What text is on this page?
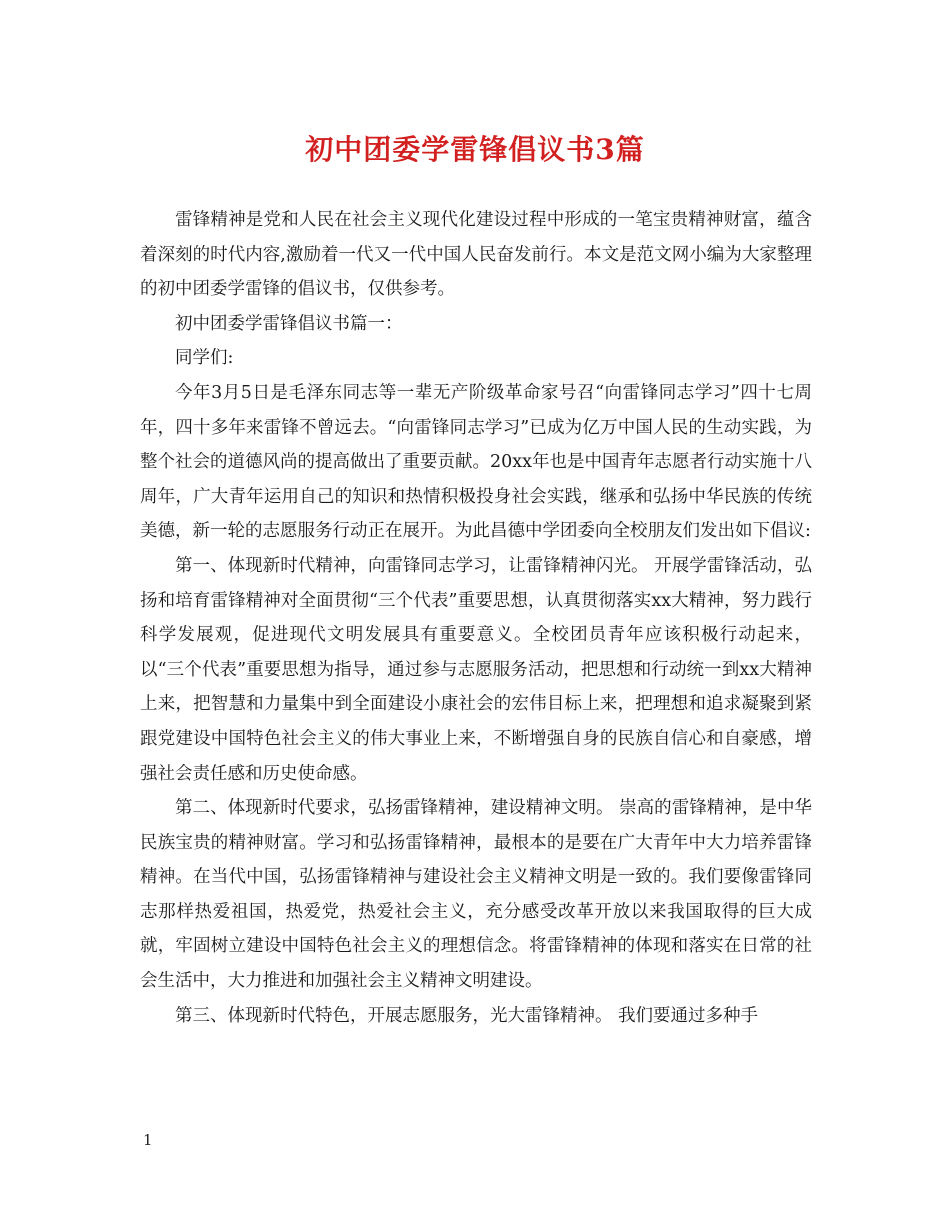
初中团委学雷锋倡议书3篇

雷锋精神是党和人民在社会主义现代化建设过程中形成的一笔宝贵精神财富，蕴含着深刻的时代内容,激励着一代又一代中国人民奋发前行。本文是范文网小编为大家整理的初中团委学雷锋的倡议书，仅供参考。

初中团委学雷锋倡议书篇一：

同学们:

今年3月5日是毛泽东同志等一辈无产阶级革命家号召“向雷锋同志学习”四十七周年，四十多年来雷锋不曾远去。“向雷锋同志学习”已成为亿万中国人民的生动实践，为整个社会的道德风尚的提高做出了重要贡献。20xx年也是中国青年志愿者行动实施十八周年，广大青年运用自己的知识和热情积极投身社会实践，继承和弘扬中华民族的传统美德，新一轮的志愿服务行动正在展开。为此昌德中学团委向全校朋友们发出如下倡议:

第一、体现新时代精神，向雷锋同志学习，让雷锋精神闪光。 开展学雷锋活动，弘扬和培育雷锋精神对全面贯彻“三个代表”重要思想，认真贯彻落实xx大精神，努力践行科学发展观，促进现代文明发展具有重要意义。全校团员青年应该积极行动起来，以“三个代表”重要思想为指导，通过参与志愿服务活动，把思想和行动统一到xx大精神上来，把智慧和力量集中到全面建设小康社会的宏伟目标上来，把理想和追求凝聚到紧跟党建设中国特色社会主义的伟大事业上来，不断增强自身的民族自信心和自豪感，增强社会责任感和历史使命感。

第二、体现新时代要求，弘扬雷锋精神，建设精神文明。 崇高的雷锋精神，是中华民族宝贵的精神财富。学习和弘扬雷锋精神，最根本的是要在广大青年中大力培养雷锋精神。在当代中国，弘扬雷锋精神与建设社会主义精神文明是一致的。我们要像雷锋同志那样热爱祖国，热爱党，热爱社会主义，充分感受改革开放以来我国取得的巨大成就，牢固树立建设中国特色社会主义的理想信念。将雷锋精神的体现和落实在日常的社会生活中，大力推进和加强社会主义精神文明建设。

第三、体现新时代特色，开展志愿服务，光大雷锋精神。 我们要通过多种手

1
